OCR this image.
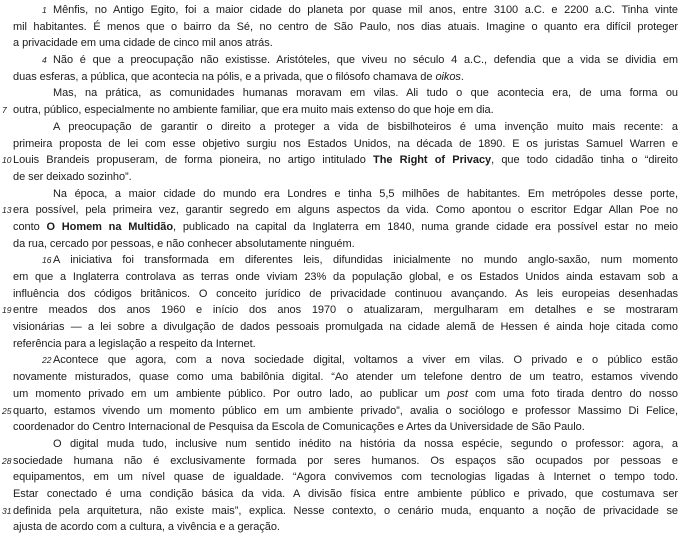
1 Mênfis, no Antigo Egito, foi a maior cidade do planeta por quase mil anos, entre 3100 a.C. e 2200 a.C. Tinha vinte
mil habitantes. É menos que o bairro da Sé, no centro de São Paulo, nos dias atuais. Imagine o quanto era difícil proteger
a privacidade em uma cidade de cinco mil anos atrás.
4 Não é que a preocupação não existisse. Aristóteles, que viveu no século 4 a.C., defendia que a vida se dividia em
duas esferas, a pública, que acontecia na pólis, e a privada, que o filósofo chamava de oikos.
Mas, na prática, as comunidades humanas moravam em vilas. Ali tudo o que acontecia era, de uma forma ou
7 outra, público, especialmente no ambiente familiar, que era muito mais extenso do que hoje em dia.
A preocupação de garantir o direito a proteger a vida de bisbilhoteiros é uma invenção muito mais recente: a
primeira proposta de lei com esse objetivo surgiu nos Estados Unidos, na década de 1890. E os juristas Samuel Warren e
10 Louis Brandeis propuseram, de forma pioneira, no artigo intitulado The Right of Privacy, que todo cidadão tinha o “direito
de ser deixado sozinho”.
Na época, a maior cidade do mundo era Londres e tinha 5,5 milhões de habitantes. Em metrópoles desse porte,
13 era possível, pela primeira vez, garantir segredo em alguns aspectos da vida. Como apontou o escritor Edgar Allan Poe no
conto O Homem na Multidão, publicado na capital da Inglaterra em 1840, numa grande cidade era possível estar no meio
da rua, cercado por pessoas, e não conhecer absolutamente ninguém.
16 A iniciativa foi transformada em diferentes leis, difundidas inicialmente no mundo anglo-saxão, num momento
em que a Inglaterra controlava as terras onde viviam 23% da população global, e os Estados Unidos ainda estavam sob a
influência dos códigos britânicos. O conceito jurídico de privacidade continuou avançando. As leis europeias desenhadas
19 entre meados dos anos 1960 e início dos anos 1970 o atualizaram, mergulharam em detalhes e se mostraram
visionárias — a lei sobre a divulgação de dados pessoais promulgada na cidade alemã de Hessen é ainda hoje citada como
referência para a legislação a respeito da Internet.
22 Acontece que agora, com a nova sociedade digital, voltamos a viver em vilas. O privado e o público estão
novamente misturados, quase como uma babilônia digital. “Ao atender um telefone dentro de um teatro, estamos vivendo
um momento privado em um ambiente público. Por outro lado, ao publicar um post com uma foto tirada dentro do nosso
25 quarto, estamos vivendo um momento público em um ambiente privado”, avalia o sociólogo e professor Massimo Di Felice,
coordenador do Centro Internacional de Pesquisa da Escola de Comunicações e Artes da Universidade de São Paulo.
O digital muda tudo, inclusive num sentido inédito na história da nossa espécie, segundo o professor: agora, a
28 sociedade humana não é exclusivamente formada por seres humanos. Os espaços são ocupados por pessoas e
equipamentos, em um nível quase de igualdade. “Agora convivemos com tecnologias ligadas à Internet o tempo todo.
Estar conectado é uma condição básica da vida. A divisão física entre ambiente público e privado, que costumava ser
31 definida pela arquitetura, não existe mais”, explica. Nesse contexto, o cenário muda, enquanto a noção de privacidade se
ajusta de acordo com a cultura, a vivência e a geração.
